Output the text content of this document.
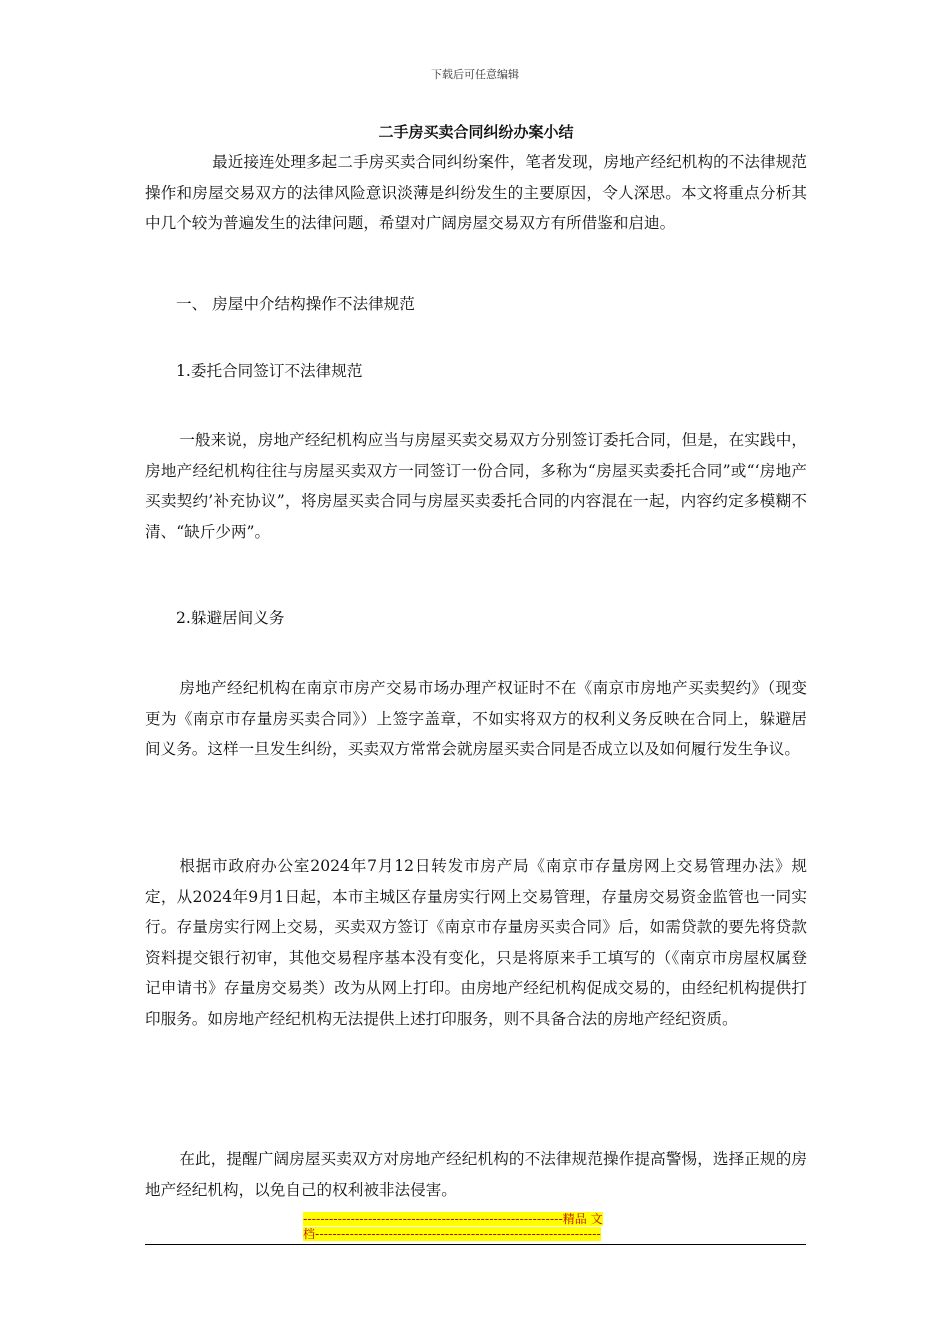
下载后可任意编辑
二手房买卖合同纠纷办案小结

最近接连处理多起二手房买卖合同纠纷案件，笔者发现，房地产经纪机构的不法律规范操作和房屋交易双方的法律风险意识淡薄是纠纷发生的主要原因，令人深思。本文将重点分析其中几个较为普遍发生的法律问题，希望对广阔房屋交易双方有所借鉴和启迪。

一、 房屋中介结构操作不法律规范

1.委托合同签订不法律规范

一般来说，房地产经纪机构应当与房屋买卖交易双方分别签订委托合同，但是，在实践中，房地产经纪机构往往与房屋买卖双方一同签订一份合同，多称为“房屋买卖委托合同”或“‘房地产买卖契约’补充协议”，将房屋买卖合同与房屋买卖委托合同的内容混在一起，内容约定多模糊不清、“缺斤少两”。

2.躲避居间义务

房地产经纪机构在南京市房产交易市场办理产权证时不在《南京市房地产买卖契约》（现变更为《南京市存量房买卖合同》）上签字盖章，不如实将双方的权利义务反映在合同上，躲避居间义务。这样一旦发生纠纷，买卖双方常常会就房屋买卖合同是否成立以及如何履行发生争议。

根据市政府办公室2024年7月12日转发市房产局《南京市存量房网上交易管理办法》规定，从2024年9月1日起，本市主城区存量房实行网上交易管理，存量房交易资金监管也一同实行。存量房实行网上交易，买卖双方签订《南京市存量房买卖合同》后，如需贷款的要先将贷款资料提交银行初审，其他交易程序基本没有变化，只是将原来手工填写的（《南京市房屋权属登记申请书》存量房交易类）改为从网上打印。由房地产经纪机构促成交易的，由经纪机构提供打印服务。如房地产经纪机构无法提供上述打印服务，则不具备合法的房地产经纪资质。

在此，提醒广阔房屋买卖双方对房地产经纪机构的不法律规范操作提高警惕，选择正规的房地产经纪机构，以免自己的权利被非法侵害。

------------------------------------------------------------精品 文
档------------------------------------------------------------------
